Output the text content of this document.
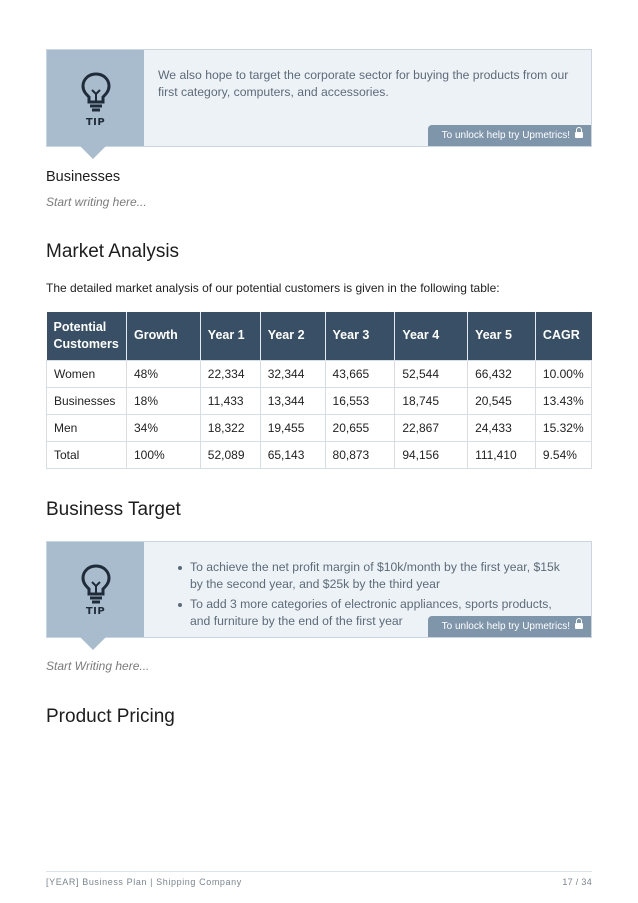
TIP
We also hope to target the corporate sector for buying the products from our first category, computers, and accessories.
To unlock help try Upmetrics!
Businesses
Start writing here...
Market Analysis
The detailed market analysis of our potential customers is given in the following table:
Potential Customers	Growth	Year 1	Year 2	Year 3	Year 4	Year 5	CAGR
Women	48%	22,334	32,344	43,665	52,544	66,432	10.00%
Businesses	18%	11,433	13,344	16,553	18,745	20,545	13.43%
Men	34%	18,322	19,455	20,655	22,867	24,433	15.32%
Total	100%	52,089	65,143	80,873	94,156	111,410	9.54%
Business Target
TIP
To achieve the net profit margin of $10k/month by the first year, $15k by the second year, and $25k by the third year
To add 3 more categories of electronic appliances, sports products, and furniture by the end of the first year	To unlock help try Upmetrics!
Start Writing here...
Product Pricing
[YEAR] Business Plan | Shipping Company	17 / 34
